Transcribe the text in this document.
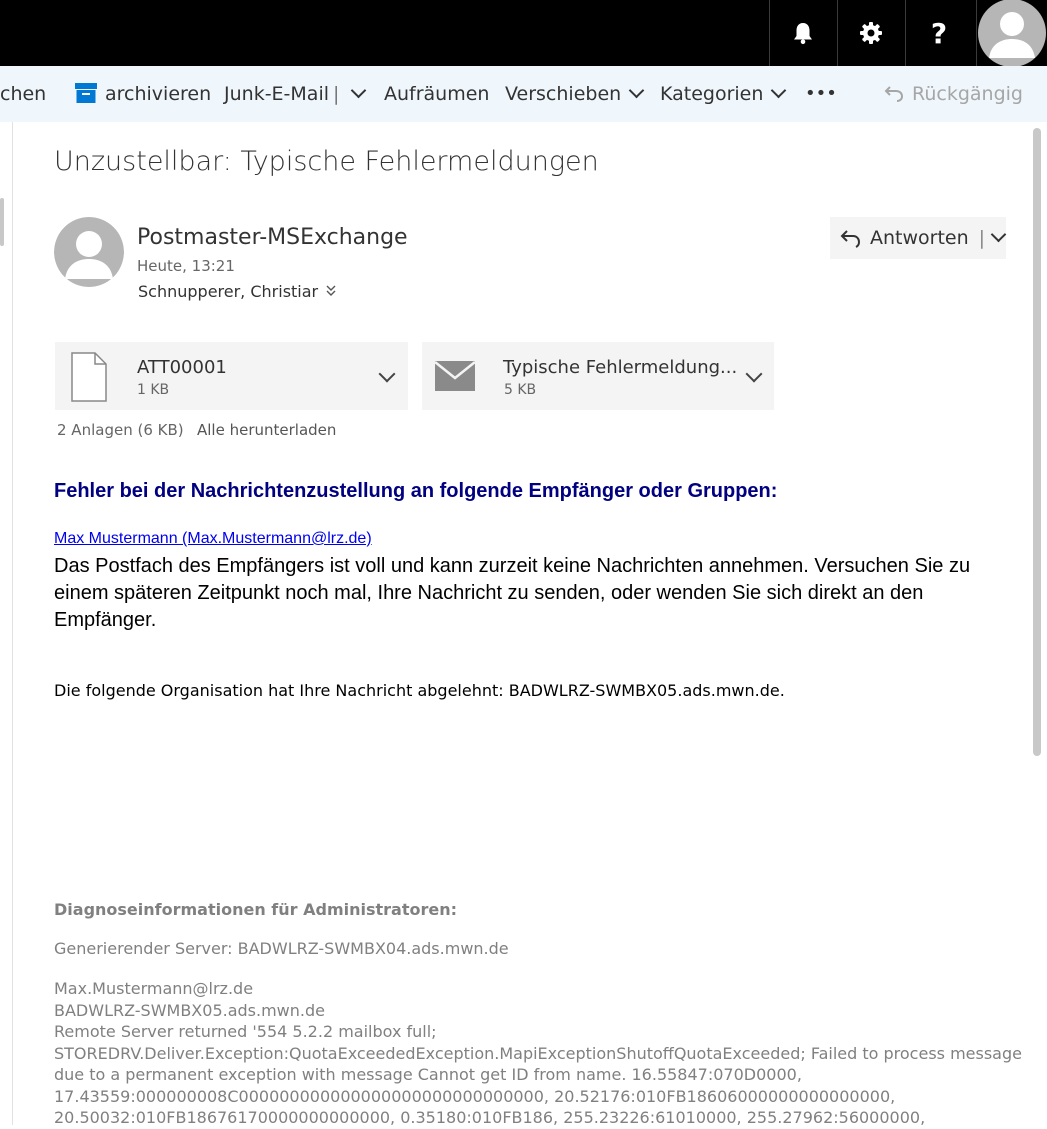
?
chen	archivieren Junk-E-Mail |	Aufräumen Verschieben	Kategorien	•••	Rückgängig
Unzustellbar: Typische Fehlermeldungen
Postmaster-MSExchange
Heute, 13:21
Schnupperer, Christiar
Antworten |
ATT00001
1 KB
Typische Fehlermeldung...
5 KB
2 Anlagen (6 KB) Alle herunterladen
Fehler bei der Nachrichtenzustellung an folgende Empfänger oder Gruppen:
Max Mustermann (Max.Mustermann@lrz.de)
Das Postfach des Empfängers ist voll und kann zurzeit keine Nachrichten annehmen. Versuchen Sie zu einem späteren Zeitpunkt noch mal, Ihre Nachricht zu senden, oder wenden Sie sich direkt an den Empfänger.
Die folgende Organisation hat Ihre Nachricht abgelehnt: BADWLRZ-SWMBX05.ads.mwn.de.
Diagnoseinformationen für Administratoren:
Generierender Server: BADWLRZ-SWMBX04.ads.mwn.de
Max.Mustermann@lrz.de
BADWLRZ-SWMBX05.ads.mwn.de
Remote Server returned '554 5.2.2 mailbox full;
STOREDRV.Deliver.Exception:QuotaExceededException.MapiExceptionShutoffQuotaExceeded; Failed to process message
due to a permanent exception with message Cannot get ID from name. 16.55847:070D0000,
17.43559:000000008C000000000000000000000000000000, 20.52176:010FB18606000000000000000,
20.50032:010FB18676170000000000000, 0.35180:010FB186, 255.23226:61010000, 255.27962:56000000,
